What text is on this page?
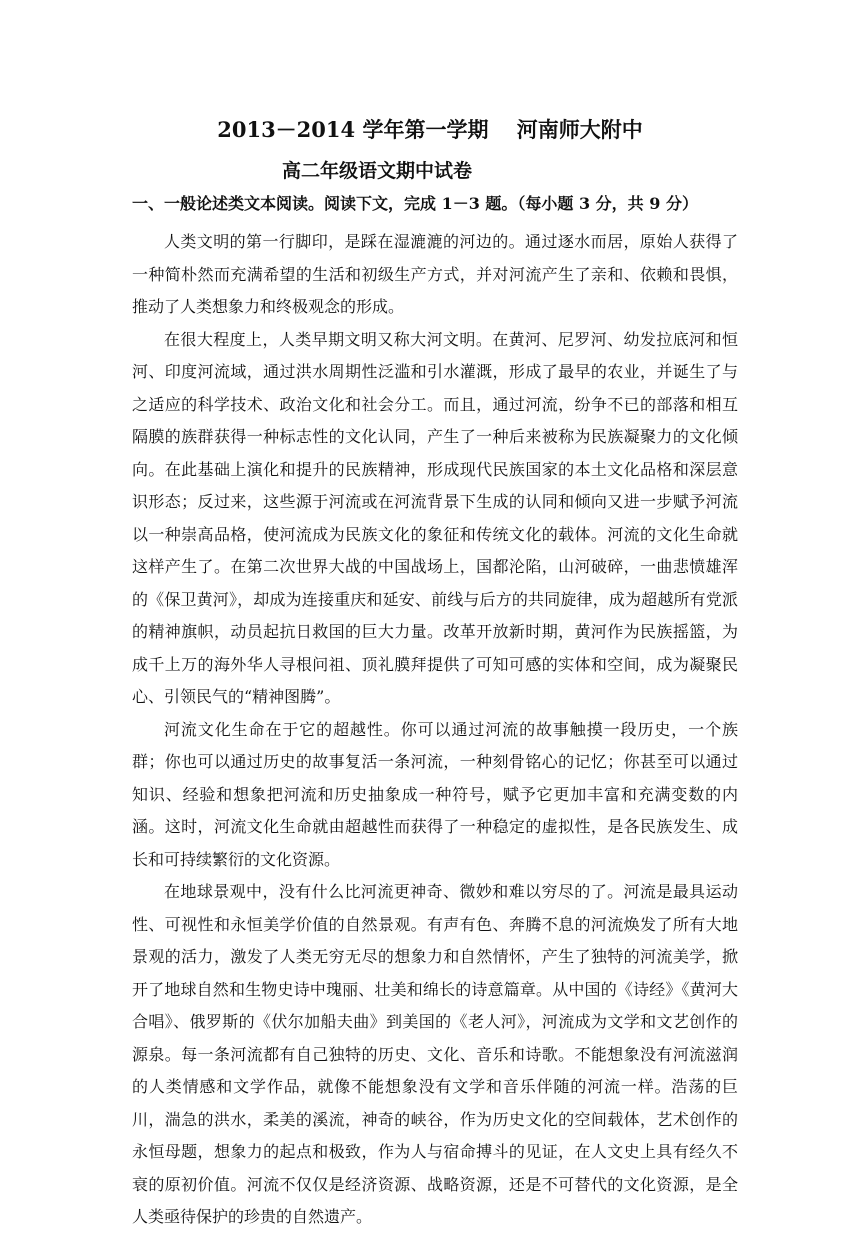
2013－2014 学年第一学期　 河南师大附中
高二年级语文期中试卷
一、一般论述类文本阅读。阅读下文，完成 1－3 题。（每小题 3 分，共 9 分）

人类文明的第一行脚印，是踩在湿漉漉的河边的。通过逐水而居，原始人获得了一种简朴然而充满希望的生活和初级生产方式，并对河流产生了亲和、依赖和畏惧，推动了人类想象力和终极观念的形成。

在很大程度上，人类早期文明又称大河文明。在黄河、尼罗河、幼发拉底河和恒河、印度河流域，通过洪水周期性泛滥和引水灌溉，形成了最早的农业，并诞生了与之适应的科学技术、政治文化和社会分工。而且，通过河流，纷争不已的部落和相互隔膜的族群获得一种标志性的文化认同，产生了一种后来被称为民族凝聚力的文化倾向。在此基础上演化和提升的民族精神，形成现代民族国家的本土文化品格和深层意识形态；反过来，这些源于河流或在河流背景下生成的认同和倾向又进一步赋予河流以一种崇高品格，使河流成为民族文化的象征和传统文化的载体。河流的文化生命就这样产生了。在第二次世界大战的中国战场上，国都沦陷，山河破碎，一曲悲愤雄浑的《保卫黄河》，却成为连接重庆和延安、前线与后方的共同旋律，成为超越所有党派的精神旗帜，动员起抗日救国的巨大力量。改革开放新时期，黄河作为民族摇篮，为成千上万的海外华人寻根问祖、顶礼膜拜提供了可知可感的实体和空间，成为凝聚民心、引领民气的“精神图腾”。

河流文化生命在于它的超越性。你可以通过河流的故事触摸一段历史，一个族群；你也可以通过历史的故事复活一条河流，一种刻骨铭心的记忆；你甚至可以通过知识、经验和想象把河流和历史抽象成一种符号，赋予它更加丰富和充满变数的内涵。这时，河流文化生命就由超越性而获得了一种稳定的虚拟性，是各民族发生、成长和可持续繁衍的文化资源。

在地球景观中，没有什么比河流更神奇、微妙和难以穷尽的了。河流是最具运动性、可视性和永恒美学价值的自然景观。有声有色、奔腾不息的河流焕发了所有大地景观的活力，激发了人类无穷无尽的想象力和自然情怀，产生了独特的河流美学，掀开了地球自然和生物史诗中瑰丽、壮美和绵长的诗意篇章。从中国的《诗经》《黄河大合唱》、俄罗斯的《伏尔加船夫曲》到美国的《老人河》，河流成为文学和文艺创作的源泉。每一条河流都有自己独特的历史、文化、音乐和诗歌。不能想象没有河流滋润的人类情感和文学作品，就像不能想象没有文学和音乐伴随的河流一样。浩荡的巨川，湍急的洪水，柔美的溪流，神奇的峡谷，作为历史文化的空间载体，艺术创作的永恒母题，想象力的起点和极致，作为人与宿命搏斗的见证，在人文史上具有经久不衰的原初价值。河流不仅仅是经济资源、战略资源，还是不可替代的文化资源，是全人类亟待保护的珍贵的自然遗产。
